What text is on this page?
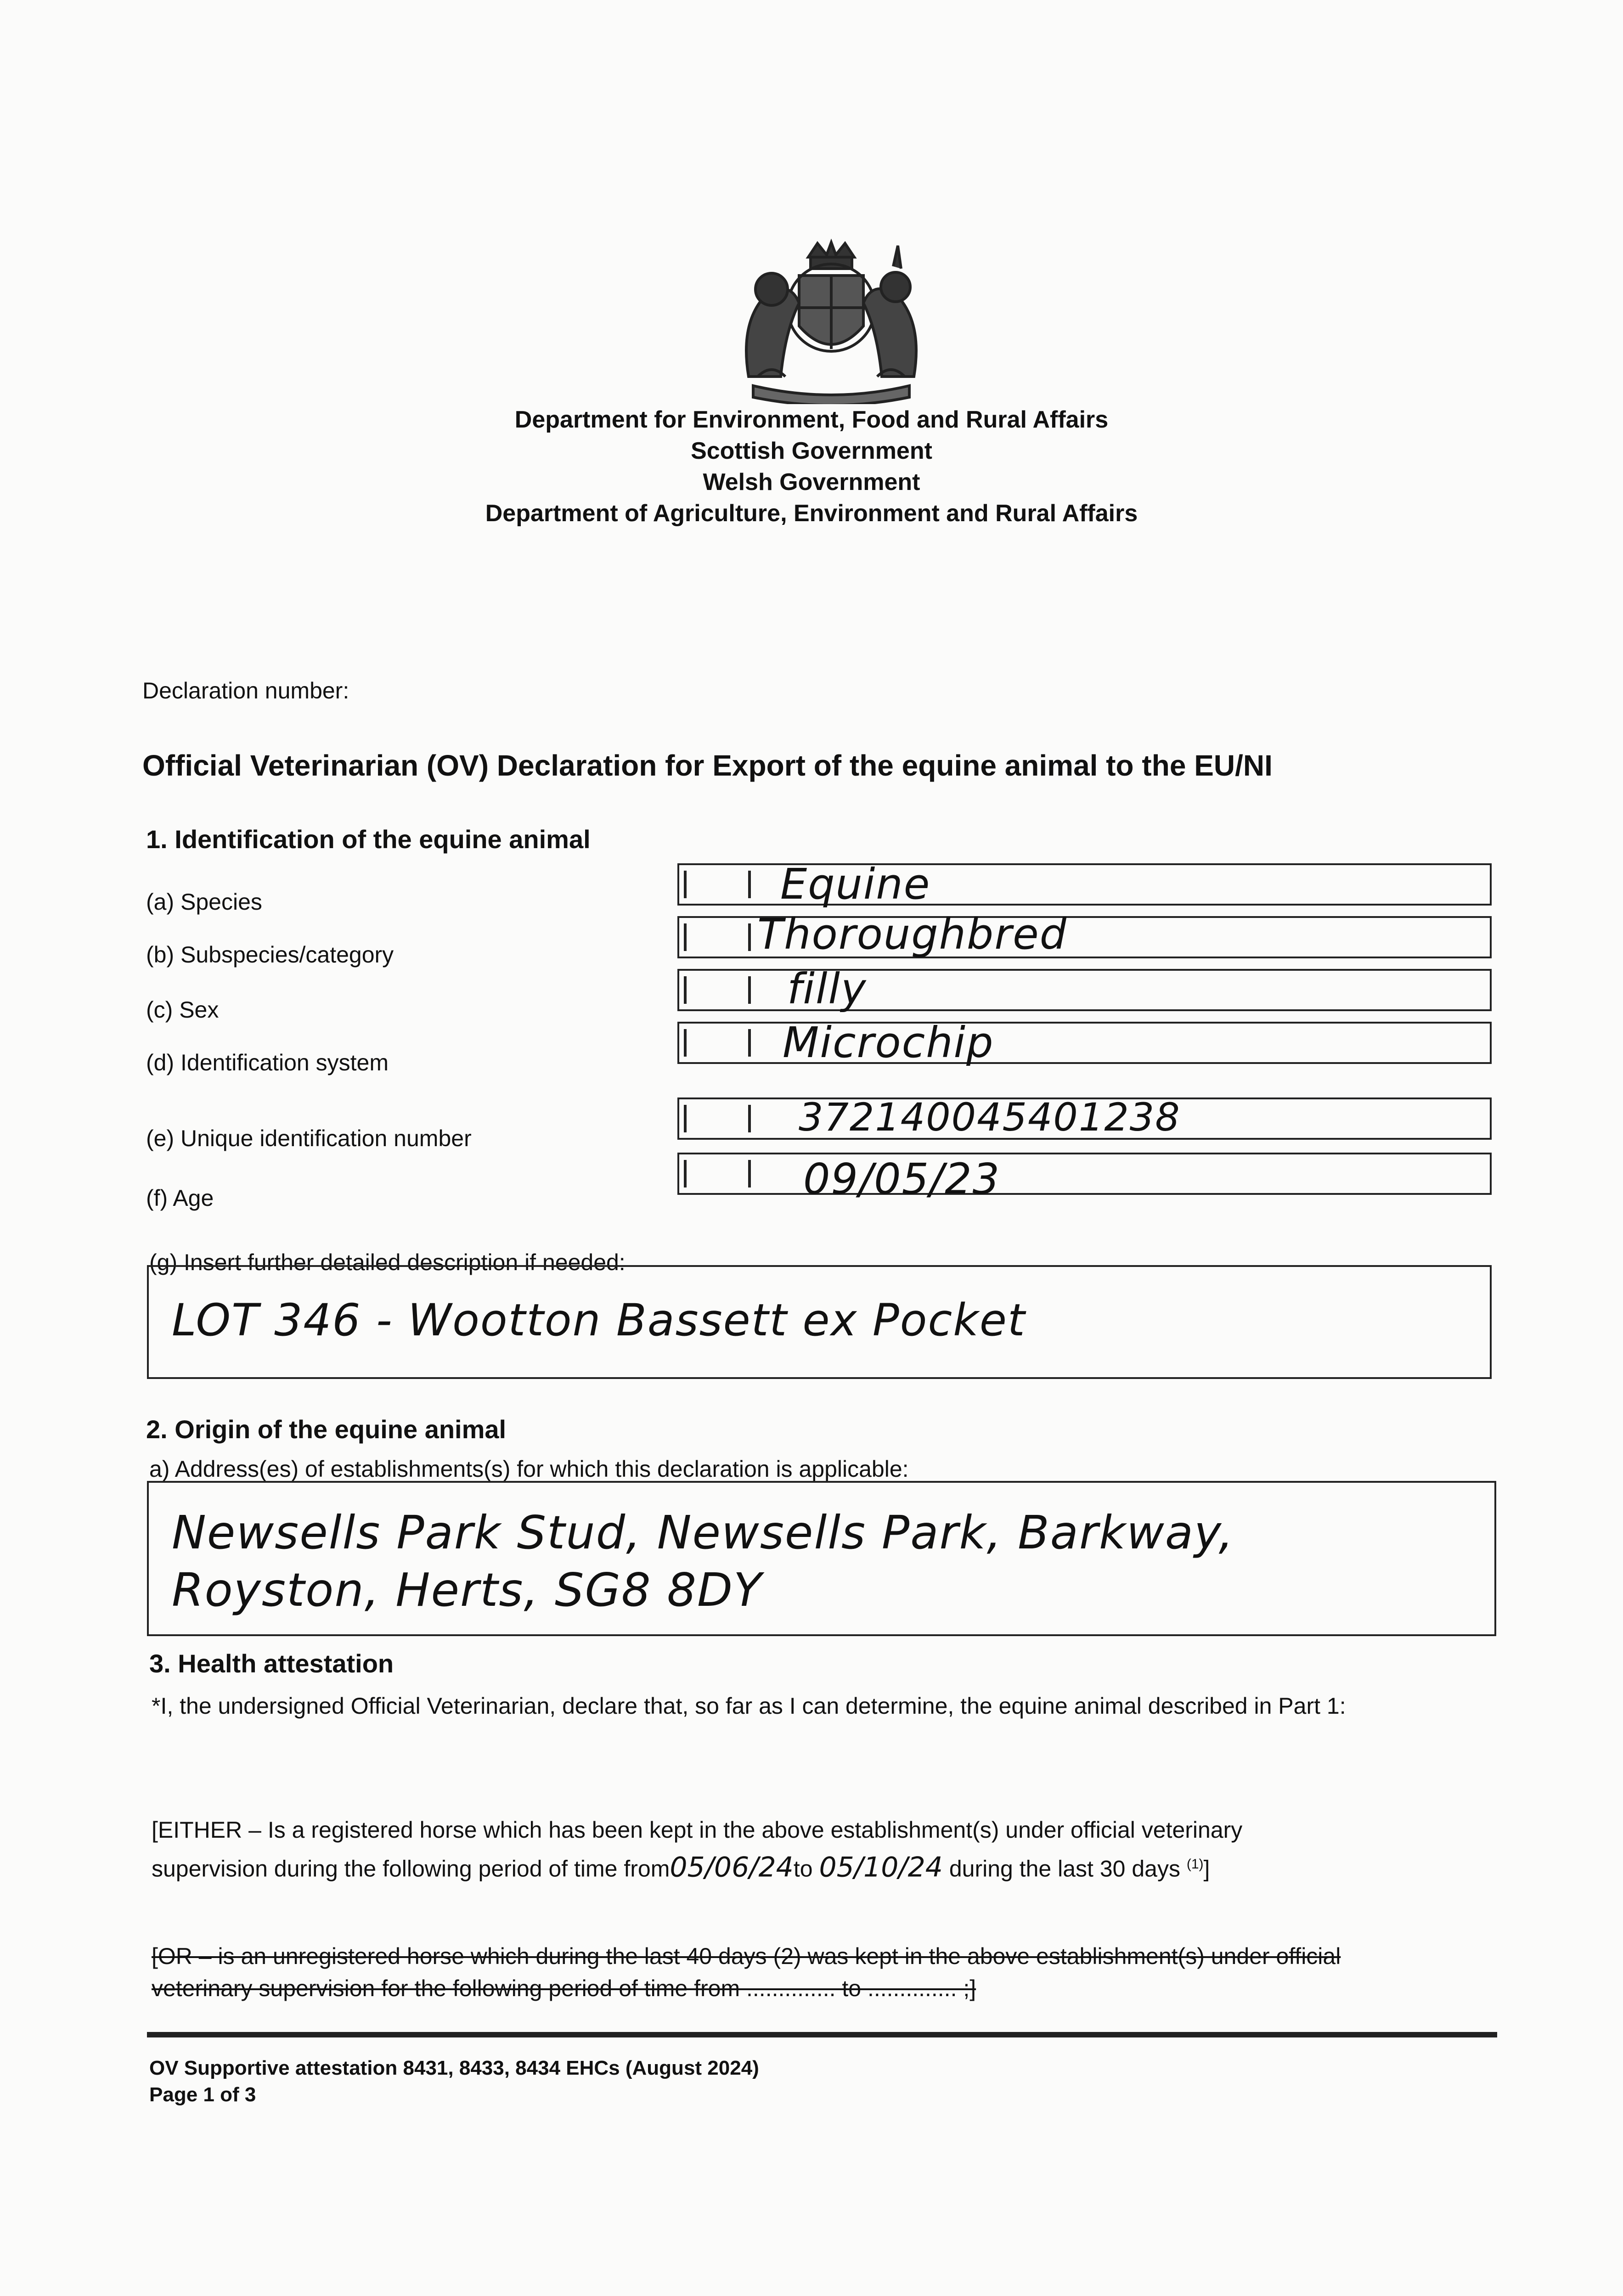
Department for Environment, Food and Rural Affairs
Scottish Government
Welsh Government
Department of Agriculture, Environment and Rural Affairs
Declaration number:
Official Veterinarian (OV) Declaration for Export of the equine animal to the EU/NI
1. Identification of the equine animal
(a) Species
(b) Subspecies/category
(c) Sex
(d) Identification system
(e) Unique identification number
(f) Age
Equine
Thoroughbred
filly
Microchip
372140045401238
09/05/23
(g) Insert further detailed description if needed:
LOT 346 - Wootton Bassett ex Pocket
2. Origin of the equine animal
a) Address(es) of establishments(s) for which this declaration is applicable:
Newsells Park Stud, Newsells Park, Barkway,
Royston, Herts, SG8 8DY
3. Health attestation
*I, the undersigned Official Veterinarian, declare that, so far as I can determine, the equine animal described in Part 1:
[EITHER – Is a registered horse which has been kept in the above establishment(s) under official veterinary
supervision during the following period of time from05/06/24to 05/10/24 during the last 30 days $^{(1)}$]
[OR – is an unregistered horse which during the last 40 days (2) was kept in the above establishment(s) under official
veterinary supervision for the following period of time from .............. to .............. ;]
OV Supportive attestation 8431, 8433, 8434 EHCs (August 2024)
Page 1 of 3
